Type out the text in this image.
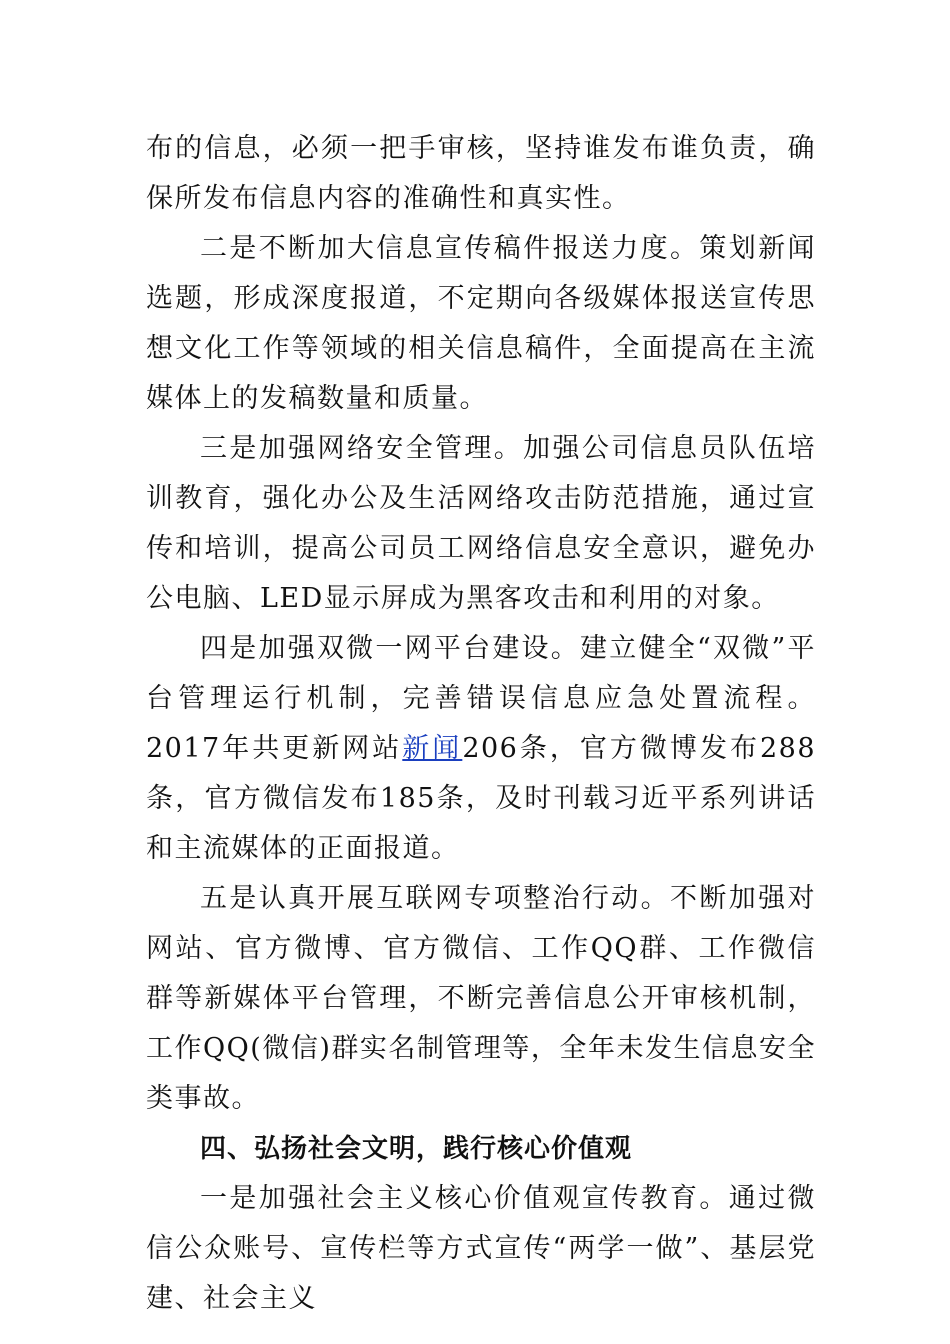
布的信息，必须一把手审核，坚持谁发布谁负责，确保所发布信息内容的准确性和真实性。

二是不断加大信息宣传稿件报送力度。策划新闻选题，形成深度报道，不定期向各级媒体报送宣传思想文化工作等领域的相关信息稿件，全面提高在主流媒体上的发稿数量和质量。

三是加强网络安全管理。加强公司信息员队伍培训教育，强化办公及生活网络攻击防范措施，通过宣传和培训，提高公司员工网络信息安全意识，避免办公电脑、LED显示屏成为黑客攻击和利用的对象。

四是加强双微一网平台建设。建立健全“双微”平台管理运行机制，完善错误信息应急处置流程。2017年共更新网站新闻206条，官方微博发布288条，官方微信发布185条，及时刊载习近平系列讲话和主流媒体的正面报道。

五是认真开展互联网专项整治行动。不断加强对网站、官方微博、官方微信、工作QQ群、工作微信群等新媒体平台管理，不断完善信息公开审核机制，工作QQ(微信)群实名制管理等，全年未发生信息安全类事故。

四、弘扬社会文明，践行核心价值观

一是加强社会主义核心价值观宣传教育。通过微信公众账号、宣传栏等方式宣传“两学一做”、基层党建、社会主义
